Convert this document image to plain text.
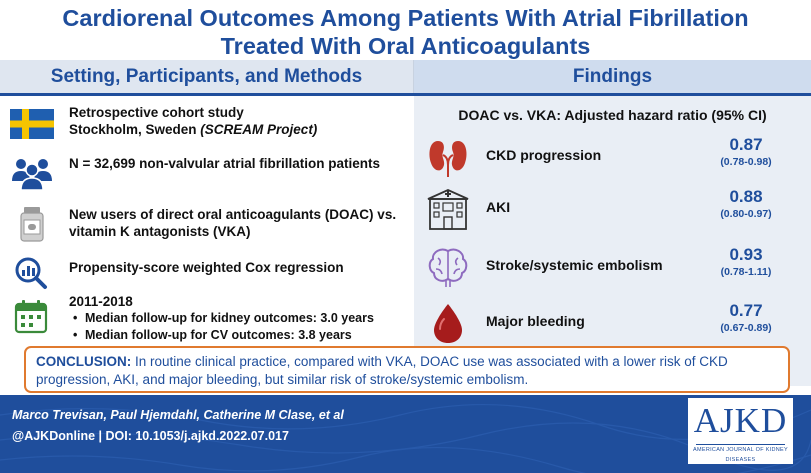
Cardiorenal Outcomes Among Patients With Atrial Fibrillation
Treated With Oral Anticoagulants
Setting, Participants, and Methods	Findings
Retrospective cohort study
Stockholm, Sweden (SCREAM Project)
N = 32,699 non-valvular atrial fibrillation patients
New users of direct oral anticoagulants (DOAC) vs. vitamin K antagonists (VKA)
Propensity-score weighted Cox regression
2011-2018
• Median follow-up for kidney outcomes: 3.0 years
• Median follow-up for CV outcomes: 3.8 years
DOAC vs. VKA: Adjusted hazard ratio (95% CI)
CKD progression
0.87
(0.78-0.98)
AKI
0.88
(0.80-0.97)
Stroke/systemic embolism
0.93
(0.78-1.11)
Major bleeding
0.77
(0.67-0.89)
Marco Trevisan, Paul Hjemdahl, Catherine M Clase, et al
@AJKDonline | DOI: 10.1053/j.ajkd.2022.07.017	AJKD
AMERICAN JOURNAL OF KIDNEY DISEASES
CONCLUSION: In routine clinical practice, compared with VKA, DOAC use was associated with a lower risk of CKD progression, AKI, and major bleeding, but similar risk of stroke/systemic embolism.
